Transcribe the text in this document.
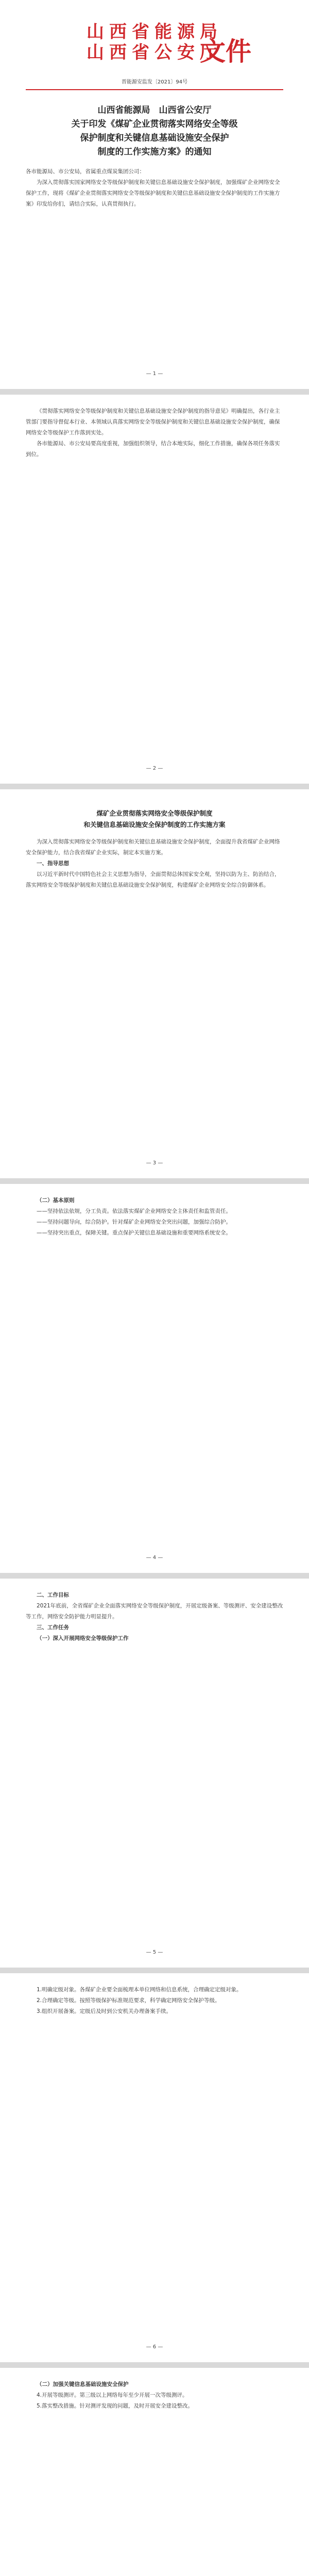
山西省能源局
山西省公安厅
文件
晋能源安监发〔2021〕94号
山西省能源局　山西省公安厅
关于印发《煤矿企业贯彻落实网络安全等级
保护制度和关键信息基础设施安全保护
制度的工作实施方案》的通知

各市能源局、市公安局，省属重点煤炭集团公司：

为深入贯彻落实国家网络安全等级保护制度和关键信息基础设施安全保护制度，加强煤矿企业网络安全保护工作，现将《煤矿企业贯彻落实网络安全等级保护制度和关键信息基础设施安全保护制度的工作实施方案》印发给你们，请结合实际，认真贯彻执行。

— 1 —

《贯彻落实网络安全等级保护制度和关键信息基础设施安全保护制度的指导意见》明确提出，各行业主管部门要指导督促本行业、本领域认真落实网络安全等级保护制度和关键信息基础设施安全保护制度，确保网络安全等级保护工作落到实处。

各市能源局、市公安局要高度重视，加强组织领导，结合本地实际，细化工作措施，确保各项任务落实到位。

— 2 —
煤矿企业贯彻落实网络安全等级保护制度
和关键信息基础设施安全保护制度的工作实施方案

为深入贯彻落实网络安全等级保护制度和关键信息基础设施安全保护制度，全面提升我省煤矿企业网络安全保护能力，结合我省煤矿企业实际，制定本实施方案。

一、指导思想

以习近平新时代中国特色社会主义思想为指导，全面贯彻总体国家安全观，坚持以防为主、防治结合，落实网络安全等级保护制度和关键信息基础设施安全保护制度，构建煤矿企业网络安全综合防御体系。

— 3 —

（二）基本原则

——坚持依法依规，分工负责。依法落实煤矿企业网络安全主体责任和监管责任。

——坚持问题导向，综合防护。针对煤矿企业网络安全突出问题，加强综合防护。

——坚持突出重点，保障关键。重点保护关键信息基础设施和重要网络系统安全。

— 4 —

二、工作目标

2021年底前，全省煤矿企业全面落实网络安全等级保护制度，开展定级备案、等级测评、安全建设整改等工作，网络安全防护能力明显提升。

三、工作任务

（一）深入开展网络安全等级保护工作

— 5 —

1.明确定级对象。各煤矿企业要全面梳理本单位网络和信息系统，合理确定定级对象。

2.合理确定等级。按照等级保护标准规范要求，科学确定网络安全保护等级。

3.组织开展备案。定级后及时到公安机关办理备案手续。

— 6 —

（二）加强关键信息基础设施安全保护

4.开展等级测评。第三级以上网络每年至少开展一次等级测评。

5.落实整改措施。针对测评发现的问题，及时开展安全建设整改。
